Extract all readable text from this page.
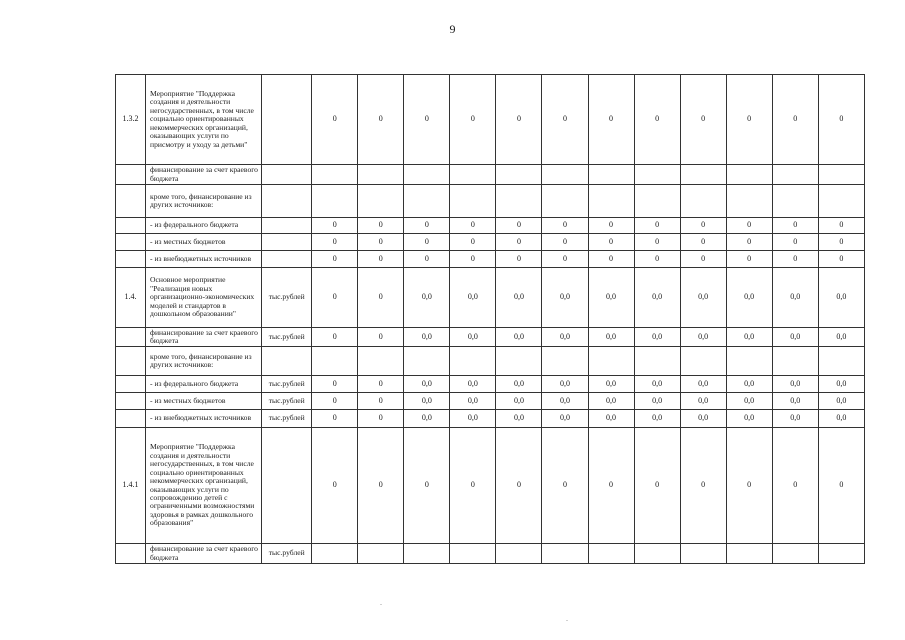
9
1.3.2	Мероприятие "Поддержка создания и деятельности негосударственных, в том числе социально ориентированных некоммерческих организаций, оказывающих услуги по присмотру и уходу за детьми"		0	0	0	0	0	0	0	0	0	0	0	0
	финансирование за счет краевого бюджета													
	кроме того, финансирование из других источников:													
	- из федерального бюджета		0	0	0	0	0	0	0	0	0	0	0	0
	- из местных бюджетов		0	0	0	0	0	0	0	0	0	0	0	0
	- из внебюджетных источников		0	0	0	0	0	0	0	0	0	0	0	0
1.4.	Основное мероприятие "Реализация новых организационно-экономических моделей и стандартов в дошкольном образовании"	тыс.рублей	0	0	0,0	0,0	0,0	0,0	0,0	0,0	0,0	0,0	0,0	0,0
	финансирование за счет краевого бюджета	тыс.рублей	0	0	0,0	0,0	0,0	0,0	0,0	0,0	0,0	0,0	0,0	0,0
	кроме того, финансирование из других источников:													
	- из федерального бюджета	тыс.рублей	0	0	0,0	0,0	0,0	0,0	0,0	0,0	0,0	0,0	0,0	0,0
	- из местных бюджетов	тыс.рублей	0	0	0,0	0,0	0,0	0,0	0,0	0,0	0,0	0,0	0,0	0,0
	- из внебюджетных источников	тыс.рублей	0	0	0,0	0,0	0,0	0,0	0,0	0,0	0,0	0,0	0,0	0,0
1.4.1	Мероприятие "Поддержка создания и деятельности негосударственных, в том числе социально ориентированных некоммерческих организаций, оказывающих услуги по сопровождению детей с ограниченными возможностями здоровья в рамках дошкольного образования"		0	0	0	0	0	0	0	0	0	0	0	0
	финансирование за счет краевого бюджета	тыс.рублей												
.
.
